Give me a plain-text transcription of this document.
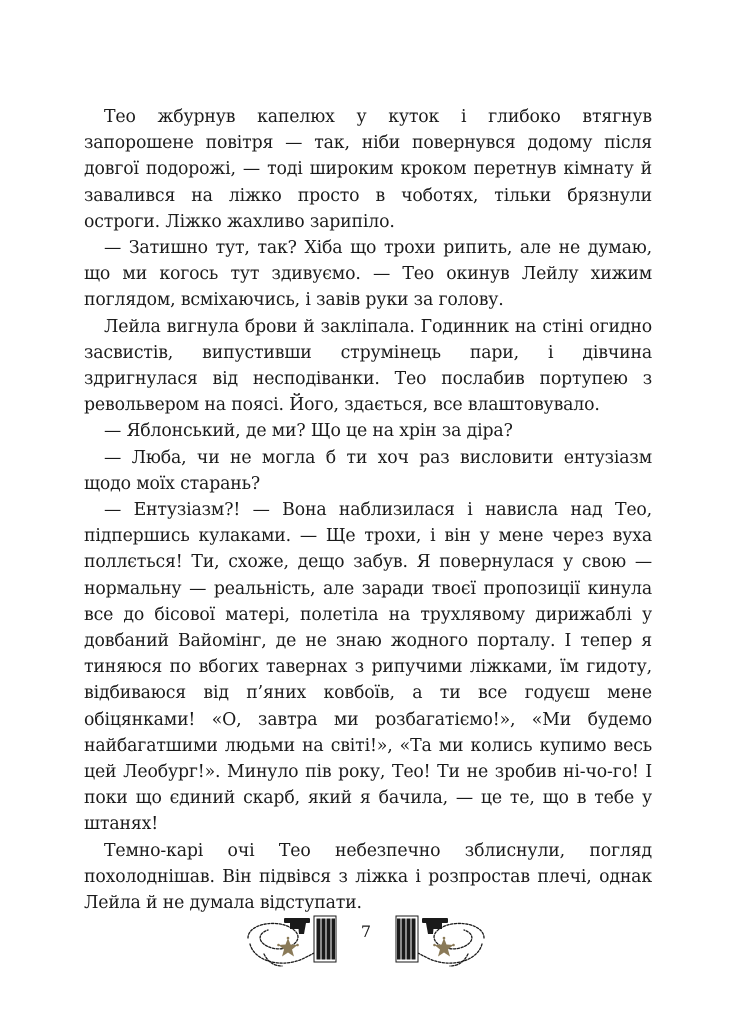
Тео жбурнув капелюх у куток і глибоко втягнув запорошене повітря — так, ніби повернувся додому після довгої подорожі, — тоді широким кроком перетнув кімнату й завалився на ліжко просто в чоботях, тільки брязнули остроги. Ліжко жахливо зарипіло.

— Затишно тут, так? Хіба що трохи рипить, але не думаю, що ми когось тут здивуємо. — Тео окинув Лейлу хижим поглядом, всміхаючись, і завів руки за голову.

Лейла вигнула брови й закліпала. Годинник на стіні огидно засвистів, випустивши струмінець пари, і дівчина здригнулася від несподіванки. Тео послабив портупею з револьвером на поясі. Його, здається, все влаштовувало.

— Яблонський, де ми? Що це на хрін за діра?

— Люба, чи не могла б ти хоч раз висловити ентузіазм щодо моїх старань?

— Ентузіазм?! — Вона наблизилася і нависла над Тео, підпершись кулаками. — Ще трохи, і він у мене через вуха поллється! Ти, схоже, дещо забув. Я повернулася у свою — нормальну — реальність, але заради твоєї пропозиції кинула все до бісової матері, полетіла на трухлявому дирижаблі у довбаний Вайомінг, де не знаю жодного порталу. І тепер я тиняюся по вбогих тавернах з рипучими ліжками, їм гидоту, відбиваюся від п’яних ковбоїв, а ти все годуєш мене обіцянками! «О, завтра ми розбагатіємо!», «Ми будемо найбагатшими людьми на світі!», «Та ми колись купимо весь цей Леобург!». Минуло пів року, Тео! Ти не зробив ні-чо-го! І поки що єдиний скарб, який я бачила, — це те, що в тебе у штанях!

Темно-карі очі Тео небезпечно зблиснули, погляд похолоднішав. Він підвівся з ліжка і розпростав плечі, однак Лейла й не думала відступати.

7
